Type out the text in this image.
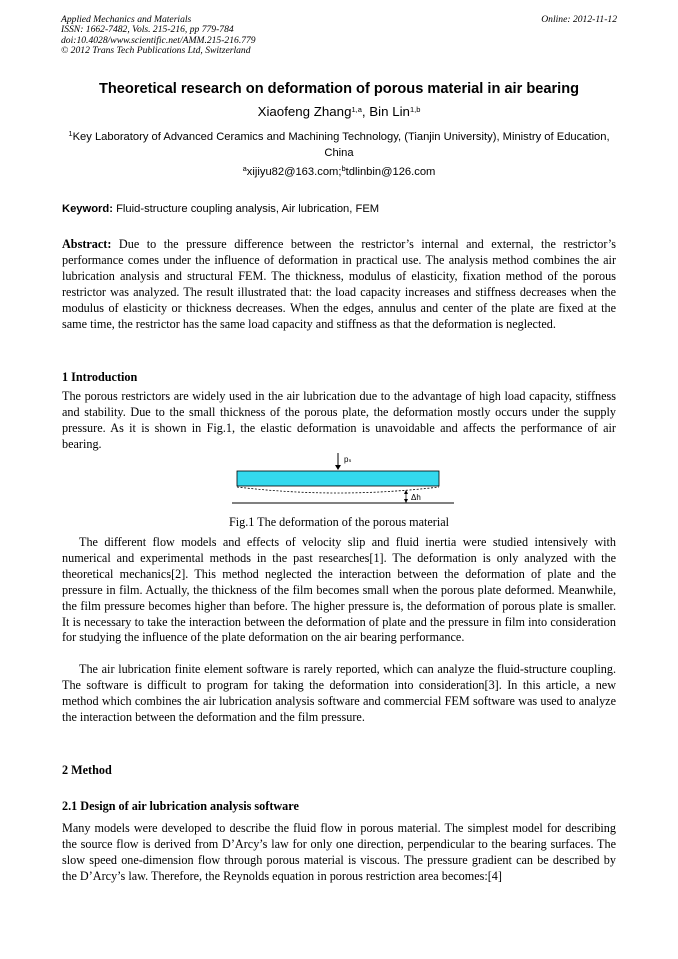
Applied Mechanics and Materials
ISSN: 1662-7482, Vols. 215-216, pp 779-784
doi:10.4028/www.scientific.net/AMM.215-216.779
© 2012 Trans Tech Publications Ltd, Switzerland
Online: 2012-11-12
Theoretical research on deformation of porous material in air bearing
Xiaofeng Zhang$^{1,a}$, Bin Lin$^{1,b}$
$^1$Key Laboratory of Advanced Ceramics and Machining Technology, (Tianjin University), Ministry of Education, China
$^a$xijiyu82@163.com;$^b$tdlinbin@126.com
Keyword: Fluid-structure coupling analysis, Air lubrication, FEM
Abstract: Due to the pressure difference between the restrictor’s internal and external, the restrictor’s performance comes under the influence of deformation in practical use. The analysis method combines the air lubrication analysis and structural FEM. The thickness, modulus of elasticity, fixation method of the porous restrictor was analyzed. The result illustrated that: the load capacity increases and stiffness decreases when the modulus of elasticity or thickness decreases. When the edges, annulus and center of the plate are fixed at the same time, the restrictor has the same load capacity and stiffness as that the deformation is neglected.
1 Introduction
The porous restrictors are widely used in the air lubrication due to the advantage of high load capacity, stiffness and stability. Due to the small thickness of the porous plate, the deformation mostly occurs under the supply pressure. As it is shown in Fig.1, the elastic deformation is unavoidable and affects the performance of air bearing.
pₛ
Δh
Fig.1 The deformation of the porous material
The different flow models and effects of velocity slip and fluid inertia were studied intensively with numerical and experimental methods in the past researches[1]. The deformation is only analyzed with the theoretical mechanics[2]. This method neglected the interaction between the deformation of plate and the pressure in film. Actually, the thickness of the film becomes small when the porous plate deformed. Meanwhile, the film pressure becomes higher than before. The higher pressure is, the deformation of porous plate is smaller. It is necessary to take the interaction between the deformation of plate and the pressure in film into consideration for studying the influence of the plate deformation on the air bearing performance.
The air lubrication finite element software is rarely reported, which can analyze the fluid-structure coupling. The software is difficult to program for taking the deformation into consideration[3]. In this article, a new method which combines the air lubrication analysis software and commercial FEM software was used to analyze the interaction between the deformation and the film pressure.
2 Method
2.1 Design of air lubrication analysis software
Many models were developed to describe the fluid flow in porous material. The simplest model for describing the source flow is derived from D’Arcy’s law for only one direction, perpendicular to the bearing surfaces. The slow speed one-dimension flow through porous material is viscous. The pressure gradient can be described by the D’Arcy’s law. Therefore, the Reynolds equation in porous restriction area becomes:[4]
